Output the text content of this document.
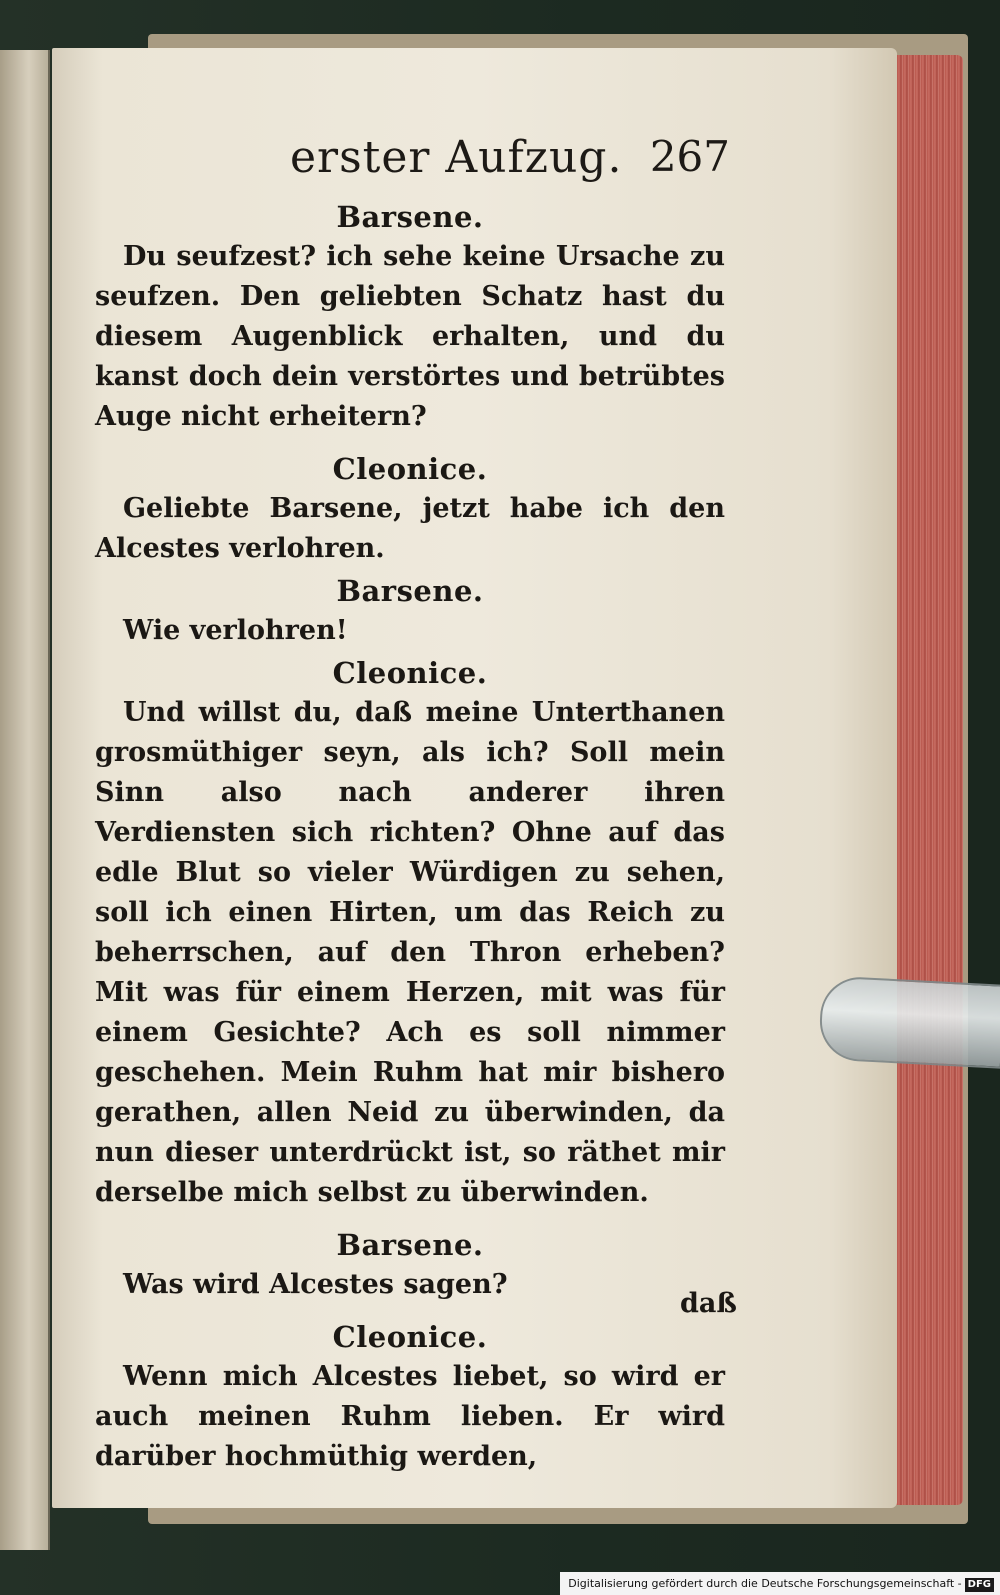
erster Aufzug. 267
Barsene.

Du seufzest? ich sehe keine Ursache zu seufzen. Den geliebten Schatz hast du diesem Augenblick erhalten, und du kanst doch dein verstörtes und betrübtes Auge nicht erheitern?

Cleonice.

Geliebte Barsene, jetzt habe ich den Alcestes verlohren.

Barsene.

Wie verlohren!

Cleonice.

Und willst du, daß meine Unterthanen grosmüthiger seyn, als ich? Soll mein Sinn also nach anderer ihren Verdiensten sich richten? Ohne auf das edle Blut so vieler Würdigen zu sehen, soll ich einen Hirten, um das Reich zu beherrschen, auf den Thron erheben? Mit was für einem Herzen, mit was für einem Gesichte? Ach es soll nimmer geschehen. Mein Ruhm hat mir bishero gerathen, allen Neid zu überwinden, da nun dieser unterdrückt ist, so räthet mir derselbe mich selbst zu überwinden.

Barsene.

Was wird Alcestes sagen?

Cleonice.

Wenn mich Alcestes liebet, so wird er auch meinen Ruhm lieben. Er wird darüber hochmüthig werden,

daß
Digitalisierung gefördert durch die Deutsche Forschungsgemeinschaft - DFG
